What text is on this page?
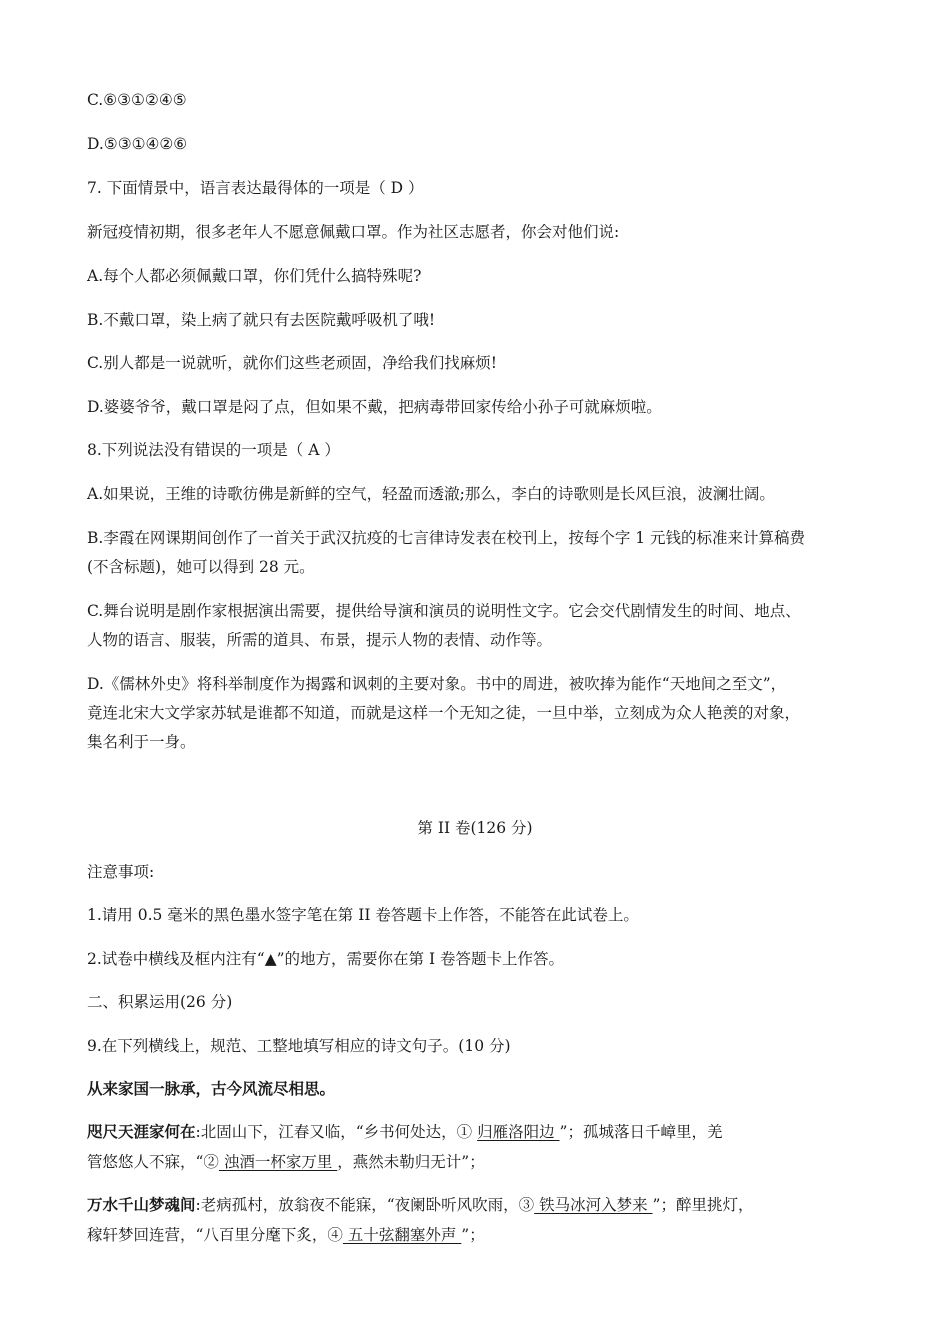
C.⑥③①②④⑤
D.⑤③①④②⑥
7. 下面情景中，语言表达最得体的一项是（ D ）
新冠疫情初期，很多老年人不愿意佩戴口罩。作为社区志愿者，你会对他们说:
A.每个人都必须佩戴口罩，你们凭什么搞特殊呢?
B.不戴口罩，染上病了就只有去医院戴呼吸机了哦!
C.别人都是一说就听，就你们这些老顽固，净给我们找麻烦!
D.婆婆爷爷，戴口罩是闷了点，但如果不戴，把病毒带回家传给小孙子可就麻烦啦。
8.下列说法没有错误的一项是（ A ）
A.如果说，王维的诗歌彷佛是新鲜的空气，轻盈而透澈;那么，李白的诗歌则是长风巨浪，波澜壮阔。
B.李霞在网课期间创作了一首关于武汉抗疫的七言律诗发表在校刊上，按每个字 1 元钱的标准来计算稿费
(不含标题)，她可以得到 28 元。
C.舞台说明是剧作家根据演出需要，提供给导演和演员的说明性文字。它会交代剧情发生的时间、地点、
人物的语言、服装，所需的道具、布景，提示人物的表情、动作等。
D.《儒林外史》将科举制度作为揭露和讽刺的主要对象。书中的周进，被吹捧为能作“天地间之至文”，
竟连北宋大文学家苏轼是谁都不知道，而就是这样一个无知之徒，一旦中举，立刻成为众人艳羡的对象，
集名利于一身。
第 II 卷(126 分)
注意事项:
1.请用 0.5 毫米的黑色墨水签字笔在第 II 卷答题卡上作答，不能答在此试卷上。
2.试卷中横线及框内注有“▲”的地方，需要你在第 I 卷答题卡上作答。
二、积累运用(26 分)
9.在下列横线上，规范、工整地填写相应的诗文句子。(10 分)
从来家国一脉承，古今风流尽相思。
咫尺天涯家何在:北固山下，江春又临，“乡书何处达，① 归雁洛阳边 ”；孤城落日千嶂里，羌
管悠悠人不寐，“② 浊酒一杯家万里 ，燕然未勒归无计”；
万水千山梦魂间:老病孤村，放翁夜不能寐，“夜阑卧听风吹雨，③ 铁马冰河入梦来 ”；醉里挑灯，
稼轩梦回连营，“八百里分麾下炙，④ 五十弦翻塞外声 ”；
